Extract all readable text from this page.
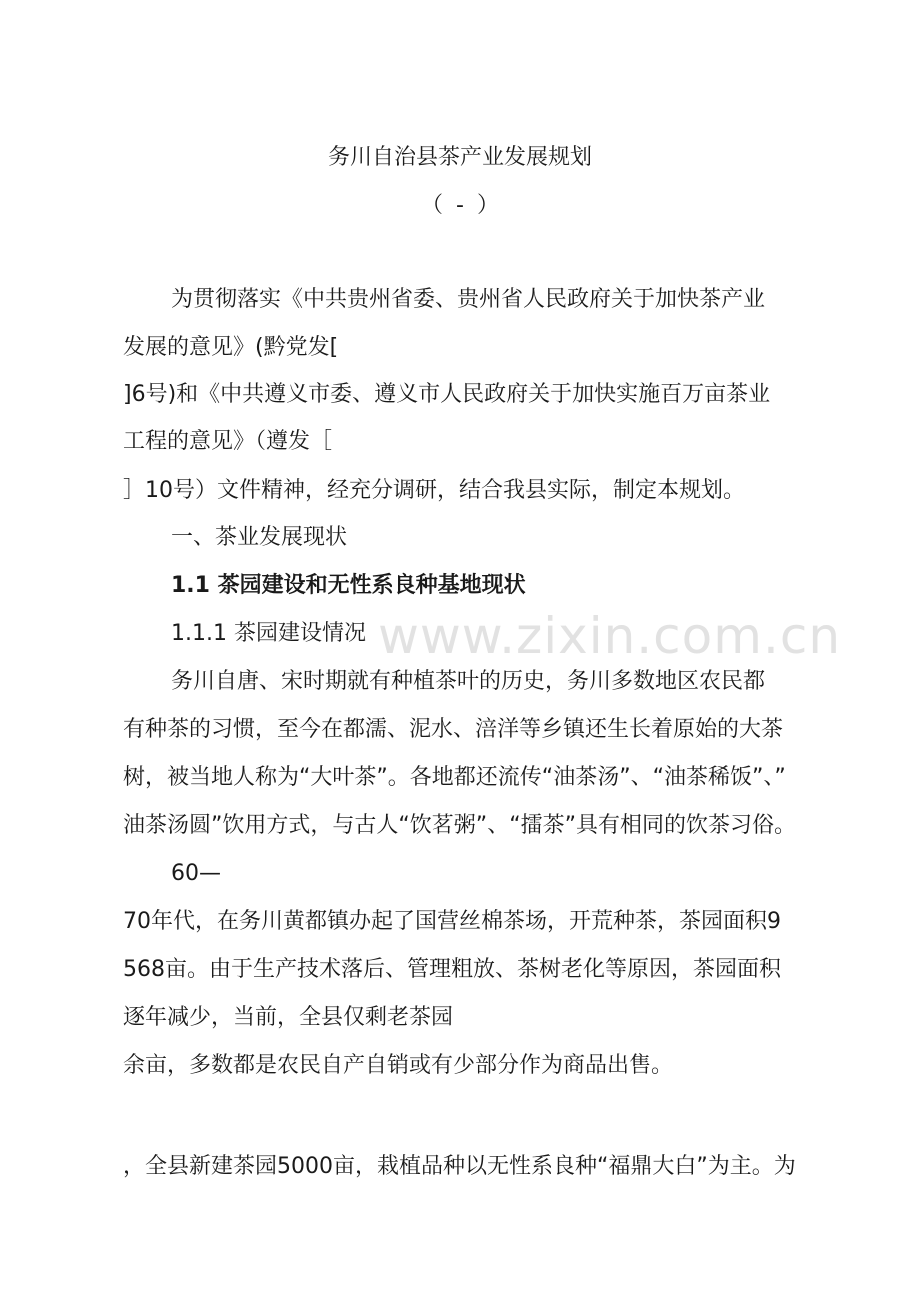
www.zixin.com.cn
务川自治县茶产业发展规划
（ - ）
为贯彻落实《中共贵州省委、贵州省人民政府关于加快茶产业
发展的意见》(黔党发[
]6号)和《中共遵义市委、遵义市人民政府关于加快实施百万亩茶业
工程的意见》（遵发［
］10号）文件精神，经充分调研，结合我县实际，制定本规划。
一、茶业发展现状
1.1 茶园建设和无性系良种基地现状
1.1.1 茶园建设情况
务川自唐、宋时期就有种植茶叶的历史，务川多数地区农民都
有种茶的习惯，至今在都濡、泥水、涪洋等乡镇还生长着原始的大茶
树，被当地人称为“大叶茶”。各地都还流传“油茶汤”、“油茶稀饭”、”
油茶汤圆”饮用方式，与古人“饮茗粥”、“擂茶”具有相同的饮茶习俗。
60—
70年代，在务川黄都镇办起了国营丝棉茶场，开荒种茶，茶园面积9
568亩。由于生产技术落后、管理粗放、茶树老化等原因，茶园面积
逐年减少，当前，全县仅剩老茶园
余亩，多数都是农民自产自销或有少部分作为商品出售。
，全县新建茶园5000亩，栽植品种以无性系良种“福鼎大白”为主。为
